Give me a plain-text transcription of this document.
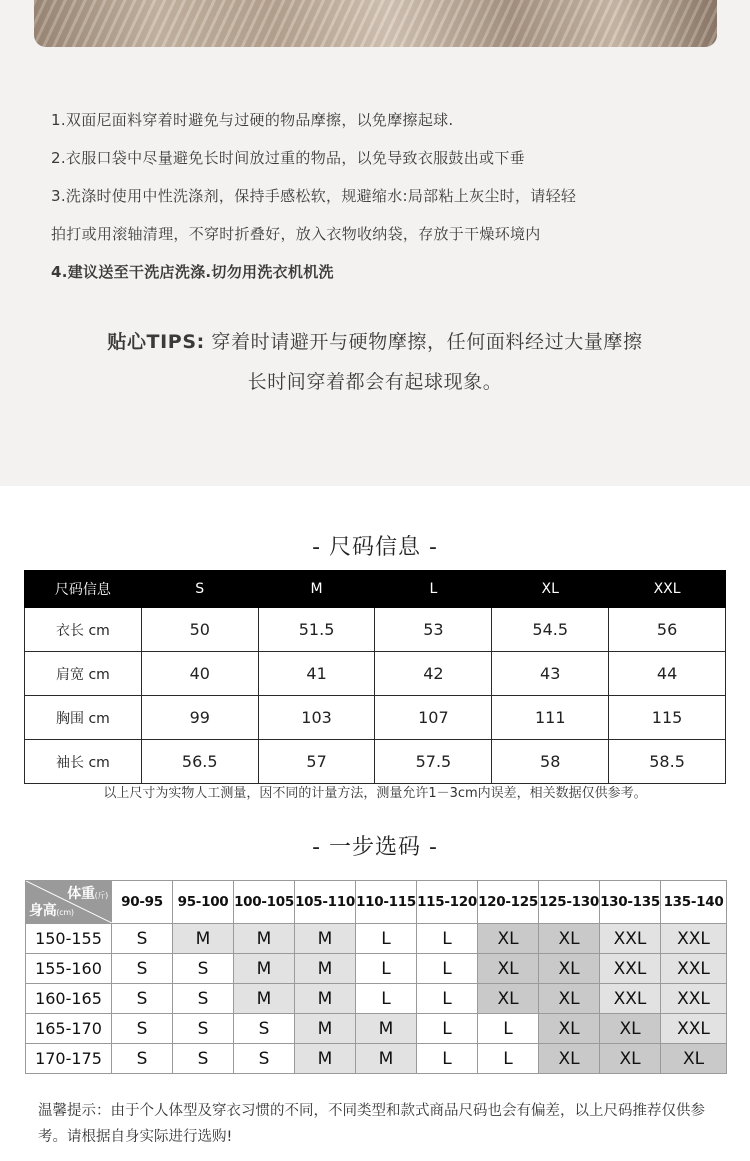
1.双面尼面料穿着时避免与过硬的物品摩擦，以免摩擦起球.
2.衣服口袋中尽量避免长时间放过重的物品，以免导致衣服鼓出或下垂
3.洗涤时使用中性洗涤剂，保持手感松软，规避缩水:局部粘上灰尘时，请轻轻
拍打或用滚轴清理，不穿时折叠好，放入衣物收纳袋，存放于干燥环境内
4.建议送至干洗店洗涤.切勿用洗衣机机洗
贴心TIPS: 穿着时请避开与硬物摩擦，任何面料经过大量摩擦
长时间穿着都会有起球现象。
- 尺码信息 -
尺码信息	S	M	L	XL	XXL
衣长 cm	50	51.5	53	54.5	56
肩宽 cm	40	41	42	43	44
胸围 cm	99	103	107	111	115
袖长 cm	56.5	57	57.5	58	58.5
以上尺寸为实物人工测量，因不同的计量方法，测量允许1－3cm内误差，相关数据仅供参考。
- 一步选码 -
体重(斤)
身高(cm)	90-95	95-100	100-105	105-110	110-115	115-120	120-125	125-130	130-135	135-140
150-155	S	M	M	M	L	L	XL	XL	XXL	XXL
155-160	S	S	M	M	L	L	XL	XL	XXL	XXL
160-165	S	S	M	M	L	L	XL	XL	XXL	XXL
165-170	S	S	S	M	M	L	L	XL	XL	XXL
170-175	S	S	S	M	M	L	L	XL	XL	XL
温馨提示：由于个人体型及穿衣习惯的不同，不同类型和款式商品尺码也会有偏差，以上尺码推荐仅供参考。请根据自身实际进行选购!
